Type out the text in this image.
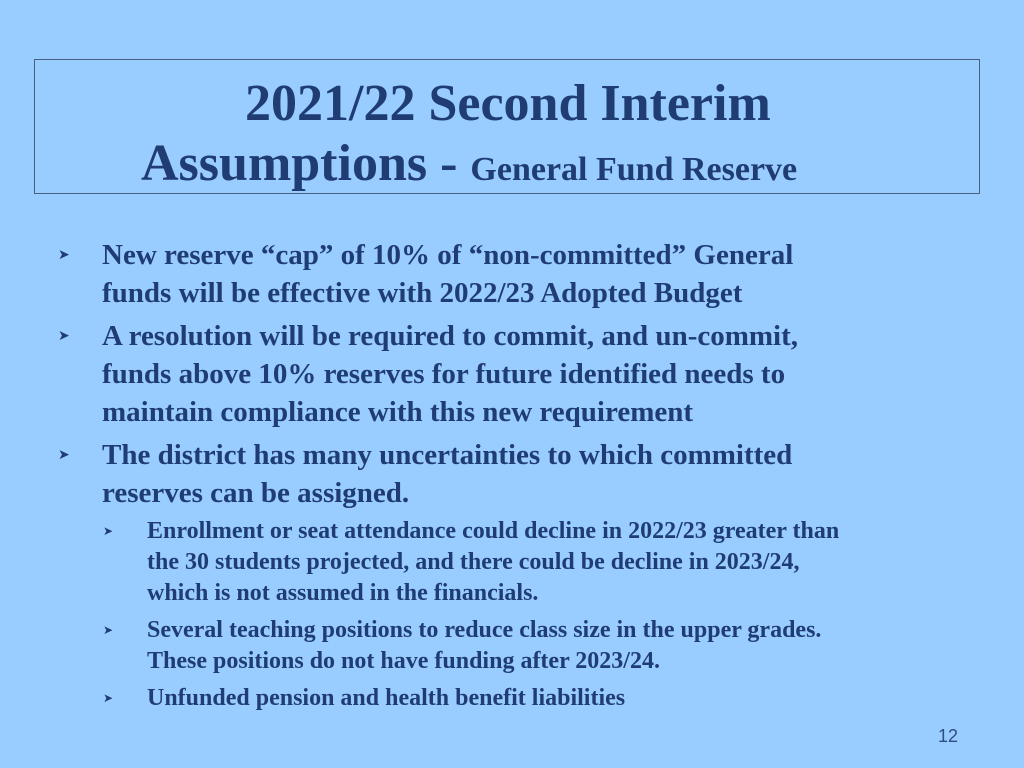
2021/22 Second Interim
Assumptions - General Fund Reserve
➤ New reserve “cap” of 10% of “non-committed” General
funds will be effective with 2022/23 Adopted Budget
➤ A resolution will be required to commit, and un-commit,
funds above 10% reserves for future identified needs to
maintain compliance with this new requirement
➤ The district has many uncertainties to which committed
reserves can be assigned.
➤ Enrollment or seat attendance could decline in 2022/23 greater than
the 30 students projected, and there could be decline in 2023/24,
which is not assumed in the financials.
➤ Several teaching positions to reduce class size in the upper grades.
These positions do not have funding after 2023/24.
➤ Unfunded pension and health benefit liabilities
12
